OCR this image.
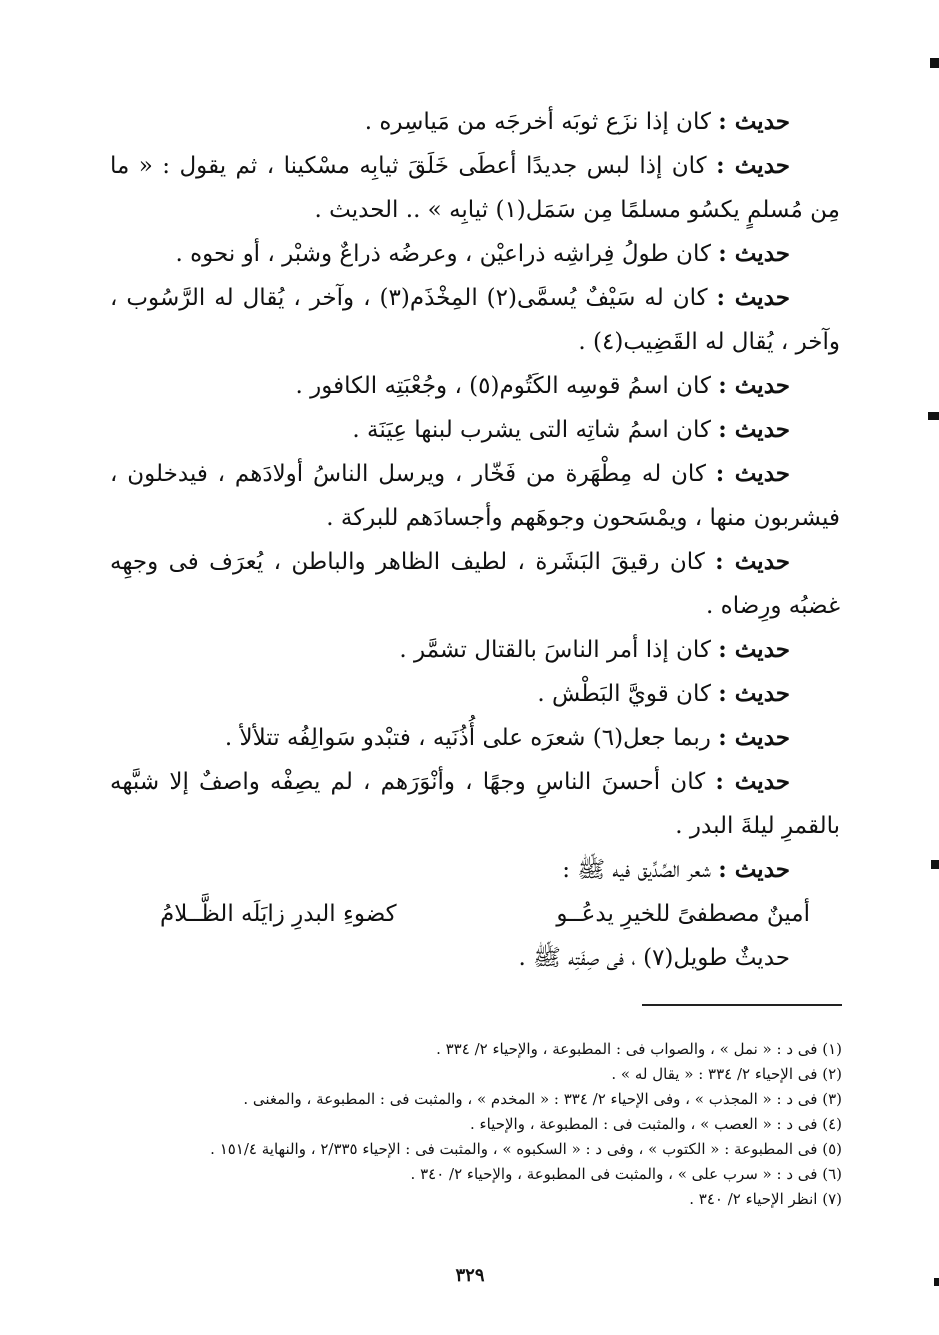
حديث : كان إذا نزَع ثوبَه أخرجَه من مَياسِره .

حديث : كان إذا لبس جديدًا أعطَى خَلَقَ ثيابِه مسْكينا ، ثم يقول : « ما مِن مُسلمٍ يكسُو مسلمًا مِن سَمَل(١) ثيابِه » .. الحديث .

حديث : كان طولُ فِراشِه ذراعيْن ، وعرضُه ذراعٌ وشبْر ، أو نحوه .

حديث : كان له سَيْفٌ يُسمَّى(٢) المِخْذَم(٣) ، وآخر ، يُقال له الرَّسُوب ، وآخر ، يُقال له القَضِيب(٤) .

حديث : كان اسمُ قوسِه الكَتُوم(٥) ، وجُعْبَتِه الكافور .

حديث : كان اسمُ شاتِه التى يشرب لبنها عِيَنَة .

حديث : كان له مِطْهَرة من فَخّار ، ويرسل الناسُ أولادَهم ، فيدخلون ، فيشربون منها ، ويمْسَحون وجوهَهم وأجسادَهم للبركة .

حديث : كان رقيقَ البَشَرة ، لطيف الظاهر والباطن ، يُعرَف فى وجهِه غضبُه ورِضاه .

حديث : كان إذا أمر الناسَ بالقتال تشمَّر .

حديث : كان قويَّ البَطْش .

حديث : ربما جعل(٦) شعرَه على أُذُنَيه ، فتبْدو سَوالِفُه تتلألأ .

حديث : كان أحسنَ الناسِ وجهًا ، وأنْوَرَهم ، لم يصِفْه واصفٌ إلا شبَّهه بالقمرِ ليلةَ البدر .

حديث : شعر الصِّدِّيق فيه ﷺ :

أمينٌ مصطفىً للخيرِ يدعُــو
كضوءِ البدرِ زايَلَه الظَّــلامُ

حديثٌ طويل(٧) ، فى صِفَتِه ﷺ .

(١) فى د : « نمل » ، والصواب فى : المطبوعة ، والإحياء ٢/ ٣٣٤ .

(٢) فى الإحياء ٢/ ٣٣٤ : « يقال له » .

(٣) فى د : « المجذب » ، وفى الإحياء ٢/ ٣٣٤ : « المخدم » ، والمثبت فى : المطبوعة ، والمغنى .

(٤) فى د : « العصب » ، والمثبت فى : المطبوعة ، والإحياء .

(٥) فى المطبوعة : « الكتوب » ، وفى د : « السكبوه » ، والمثبت فى : الإحياء ٢/٣٣٥ ، والنهاية ١٥١/٤ .

(٦) فى د : « سرب على » ، والمثبت فى المطبوعة ، والإحياء ٢/ ٣٤٠ .

(٧) انظر الإحياء ٢/ ٣٤٠ .

٣٢٩
